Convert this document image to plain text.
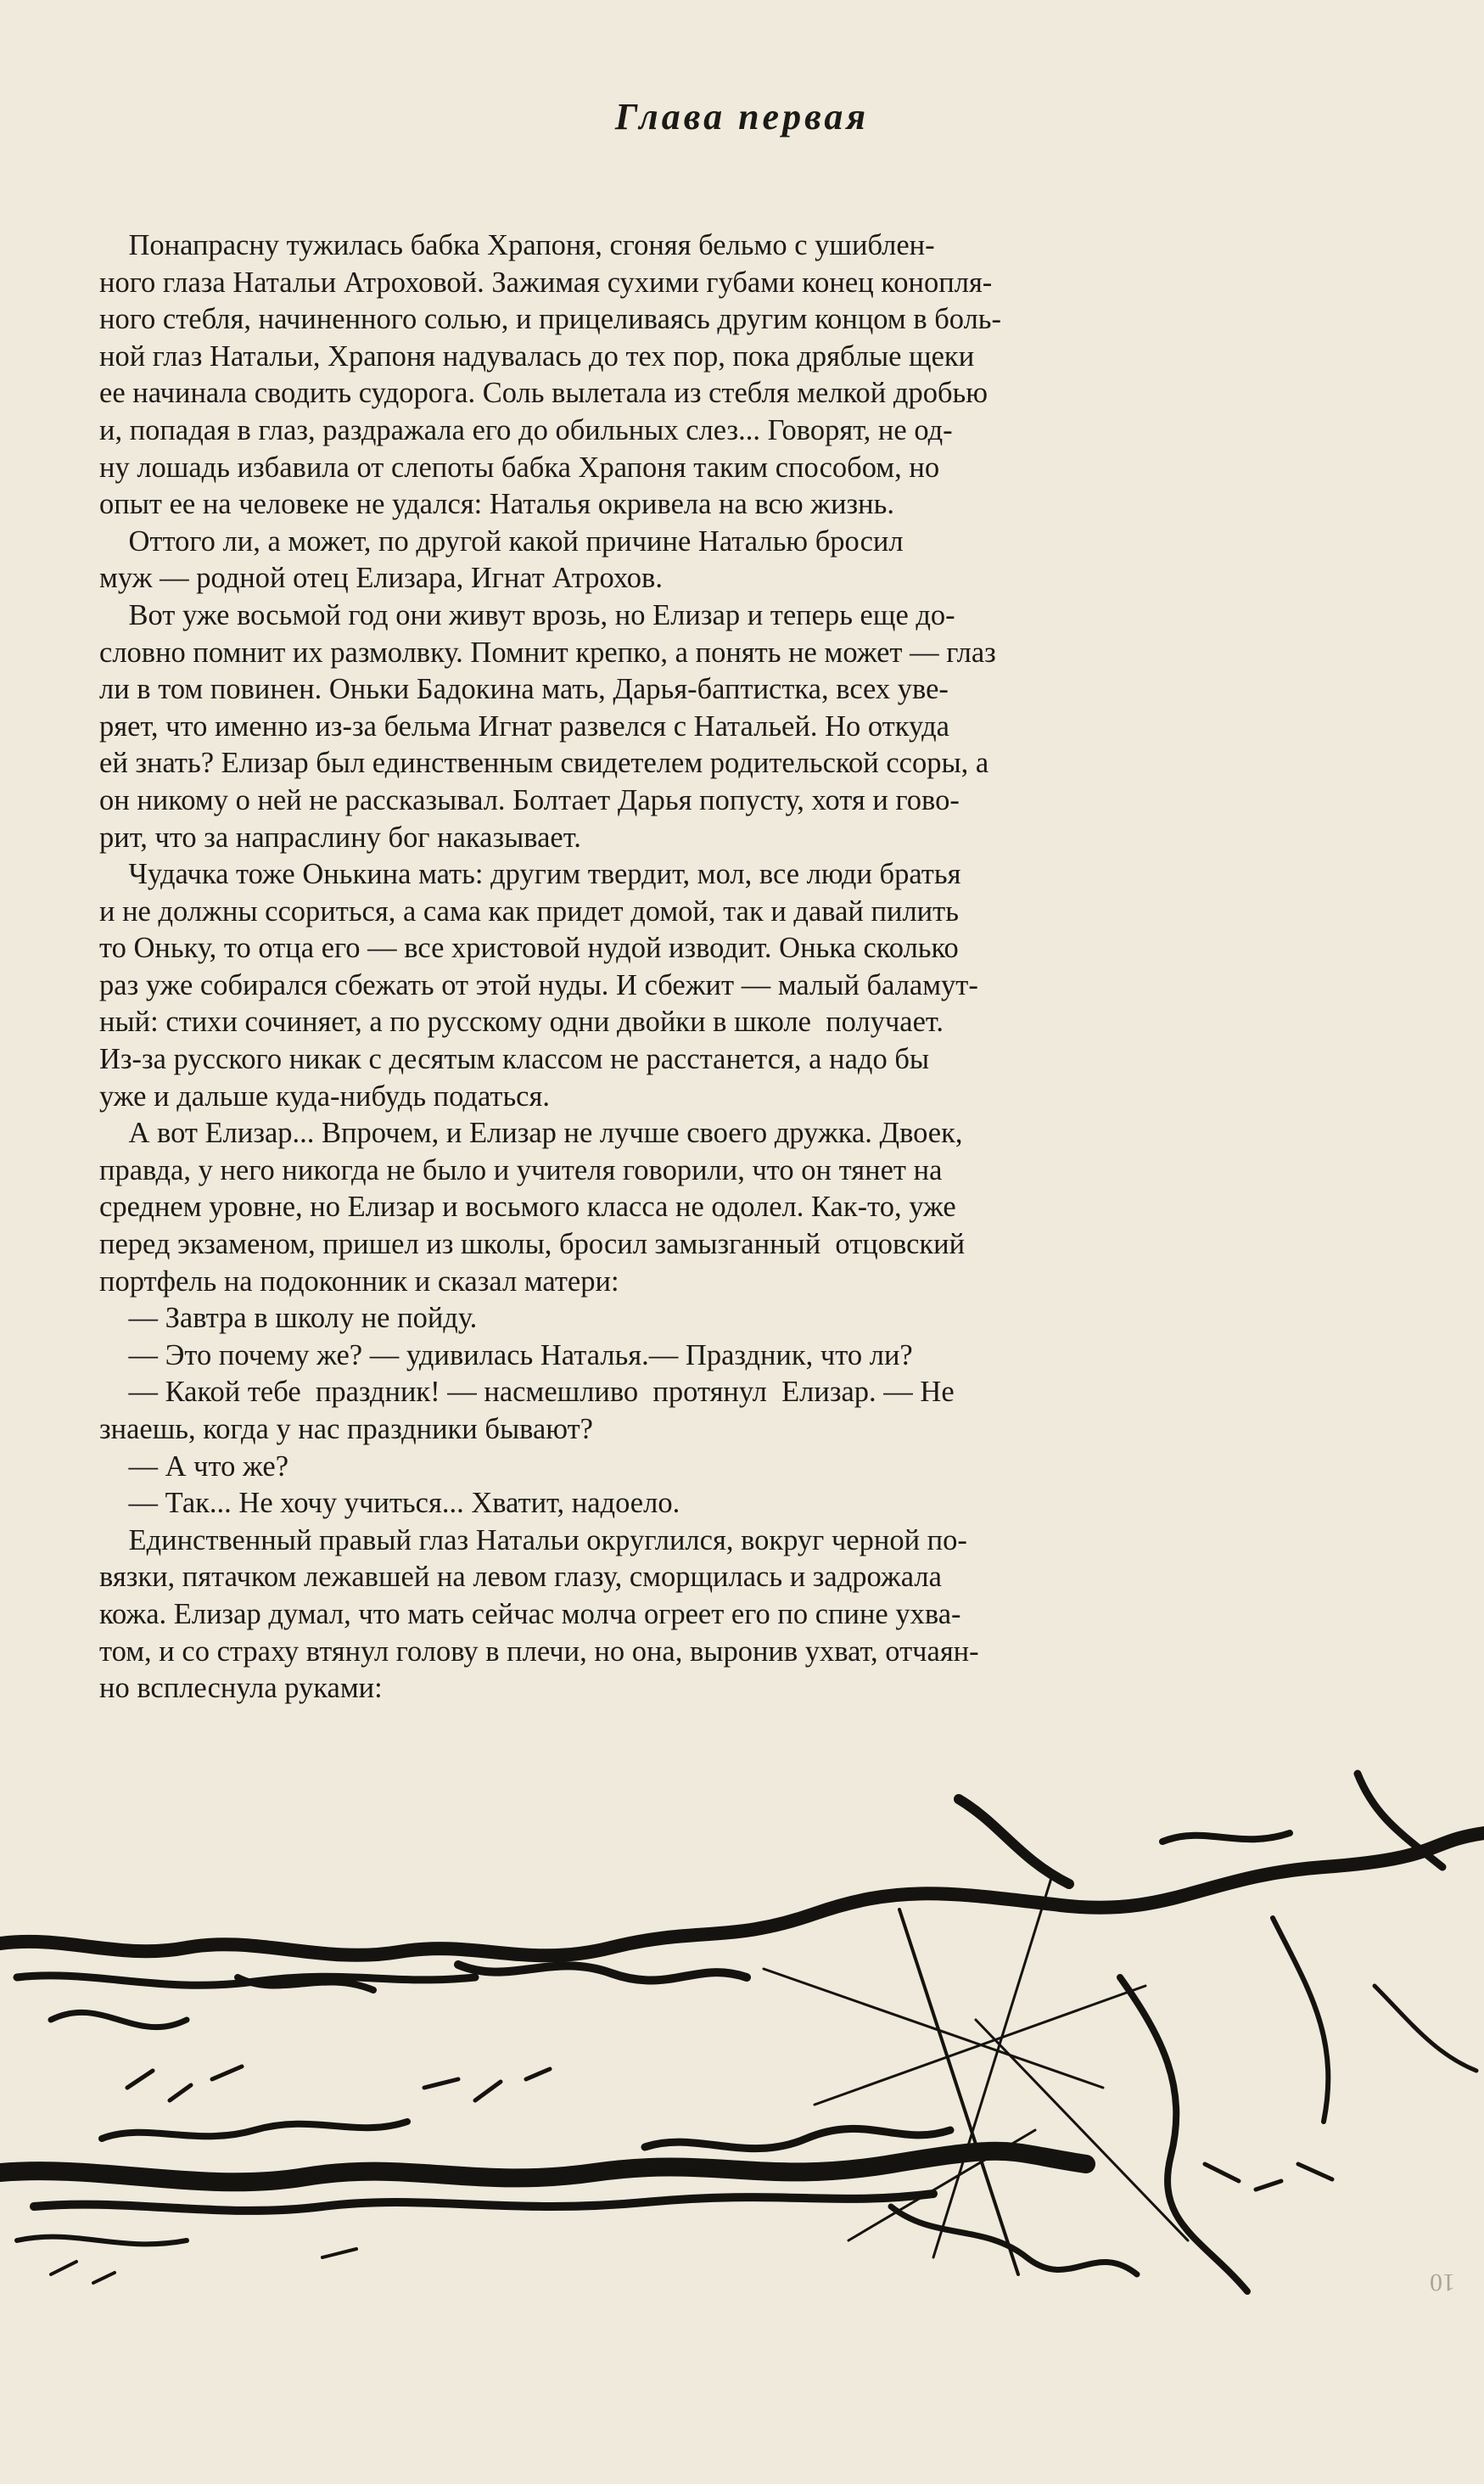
Глава первая
Понапрасну тужилась бабка Храпоня, сгоняя бельмо с ушиблен-
ного глаза Натальи Атроховой. Зажимая сухими губами конец конопля-
ного стебля, начиненного солью, и прицеливаясь другим концом в боль-
ной глаз Натальи, Храпоня надувалась до тех пор, пока дряблые щеки
ее начинала сводить судорога. Соль вылетала из стебля мелкой дробью
и, попадая в глаз, раздражала его до обильных слез... Говорят, не од-
ну лошадь избавила от слепоты бабка Храпоня таким способом, но
опыт ее на человеке не удался: Наталья окривела на всю жизнь.
Оттого ли, а может, по другой какой причине Наталью бросил
муж — родной отец Елизара, Игнат Атрохов.
Вот уже восьмой год они живут врозь, но Елизар и теперь еще до-
словно помнит их размолвку. Помнит крепко, а понять не может — глаз
ли в том повинен. Оньки Бадокина мать, Дарья-баптистка, всех уве-
ряет, что именно из-за бельма Игнат развелся с Натальей. Но откуда
ей знать? Елизар был единственным свидетелем родительской ссоры, а
он никому о ней не рассказывал. Болтает Дарья попусту, хотя и гово-
рит, что за напраслину бог наказывает.
Чудачка тоже Онькина мать: другим твердит, мол, все люди братья
и не должны ссориться, а сама как придет домой, так и давай пилить
то Оньку, то отца его — все христовой нудой изводит. Онька сколько
раз уже собирался сбежать от этой нуды. И сбежит — малый баламут-
ный: стихи сочиняет, а по русскому одни двойки в школе  получает.
Из-за русского никак с десятым классом не расстанется, а надо бы
уже и дальше куда-нибудь податься.
А вот Елизар... Впрочем, и Елизар не лучше своего дружка. Двоек,
правда, у него никогда не было и учителя говорили, что он тянет на
среднем уровне, но Елизар и восьмого класса не одолел. Как-то, уже
перед экзаменом, пришел из школы, бросил замызганный  отцовский
портфель на подоконник и сказал матери:
— Завтра в школу не пойду.
— Это почему же? — удивилась Наталья.— Праздник, что ли?
— Какой тебе  праздник! — насмешливо  протянул  Елизар. — Не
знаешь, когда у нас праздники бывают?
— А что же?
— Так... Не хочу учиться... Хватит, надоело.
Единственный правый глаз Натальи округлился, вокруг черной по-
вязки, пятачком лежавшей на левом глазу, сморщилась и задрожала
кожа. Елизар думал, что мать сейчас молча огреет его по спине ухва-
том, и со страху втянул голову в плечи, но она, выронив ухват, отчаян-
но всплеснула руками:
10
